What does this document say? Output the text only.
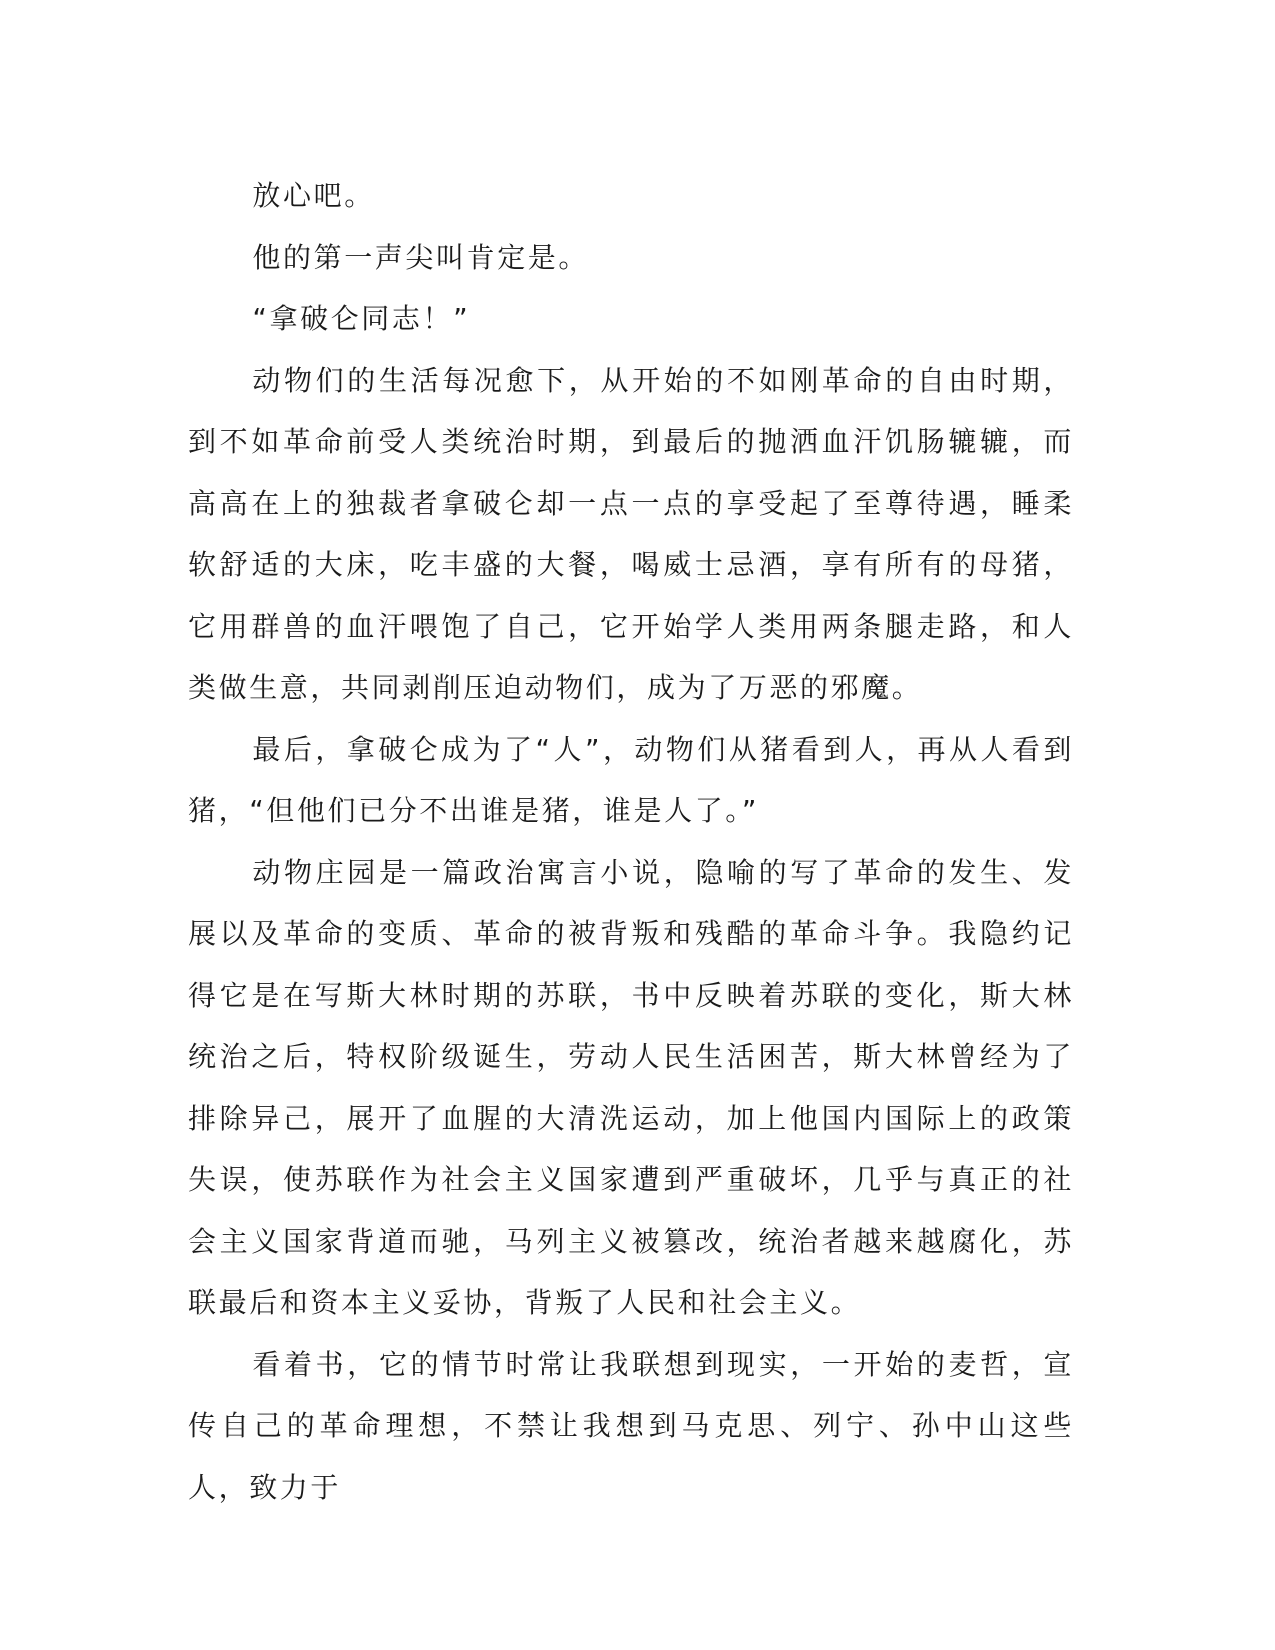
放心吧。

他的第一声尖叫肯定是。

“拿破仑同志！”

动物们的生活每况愈下，从开始的不如刚革命的自由时期，到不如革命前受人类统治时期，到最后的抛洒血汗饥肠辘辘，而高高在上的独裁者拿破仑却一点一点的享受起了至尊待遇，睡柔软舒适的大床，吃丰盛的大餐，喝威士忌酒，享有所有的母猪，它用群兽的血汗喂饱了自己，它开始学人类用两条腿走路，和人类做生意，共同剥削压迫动物们，成为了万恶的邪魔。

最后，拿破仑成为了“人”，动物们从猪看到人，再从人看到猪，“但他们已分不出谁是猪，谁是人了。”

动物庄园是一篇政治寓言小说，隐喻的写了革命的发生、发展以及革命的变质、革命的被背叛和残酷的革命斗争。我隐约记得它是在写斯大林时期的苏联，书中反映着苏联的变化，斯大林统治之后，特权阶级诞生，劳动人民生活困苦，斯大林曾经为了排除异己，展开了血腥的大清洗运动，加上他国内国际上的政策失误，使苏联作为社会主义国家遭到严重破坏，几乎与真正的社会主义国家背道而驰，马列主义被篡改，统治者越来越腐化，苏联最后和资本主义妥协，背叛了人民和社会主义。

看着书，它的情节时常让我联想到现实，一开始的麦哲，宣传自己的革命理想，不禁让我想到马克思、列宁、孙中山这些人，致力于
